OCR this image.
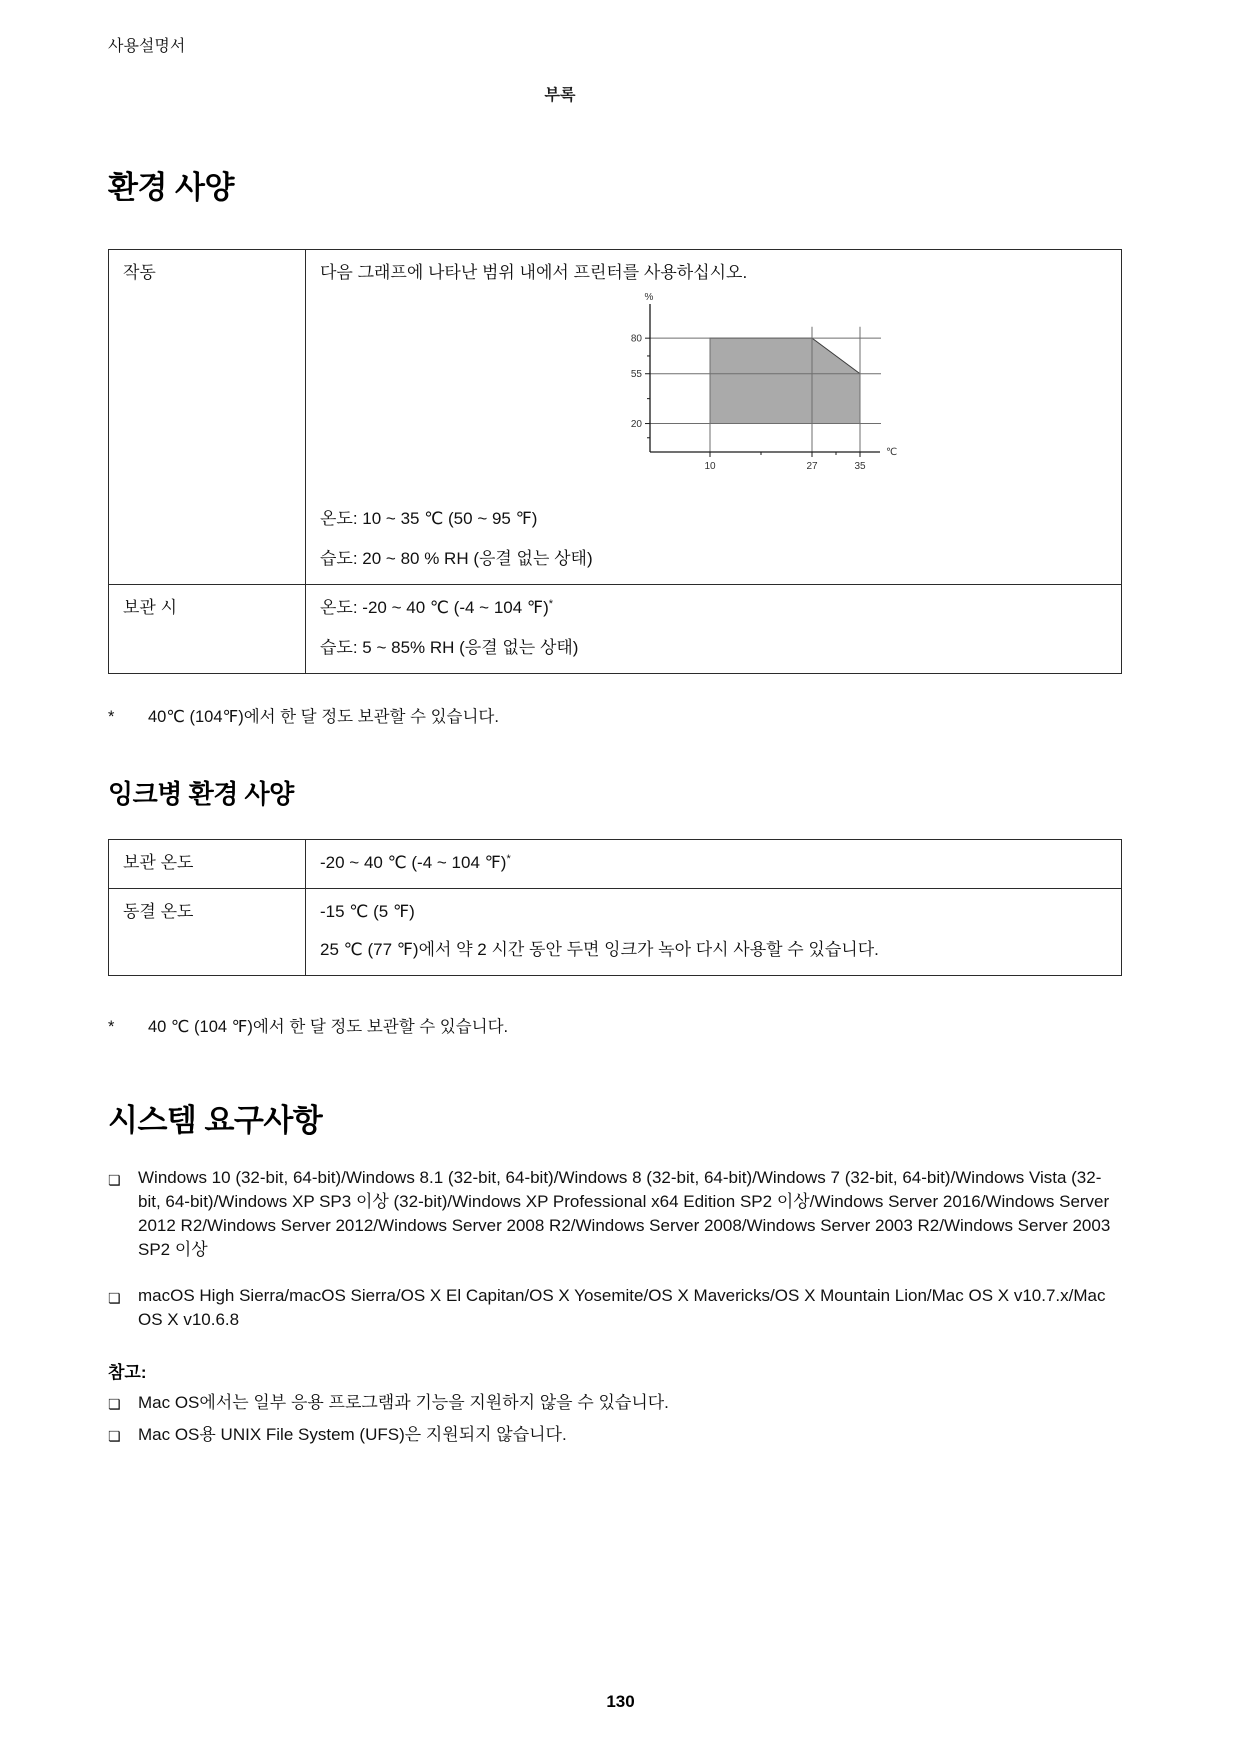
사용설명서
부록
환경 사양
작동	다음 그래프에 나타난 범위 내에서 프린터를 사용하십시오.

80
55
20
10	27	35
%
℃

온도: 10 ~ 35 ℃ (50 ~ 95 ℉)

습도: 20 ~ 80 % RH (응결 없는 상태)

보관 시	온도: -20 ~ 40 ℃ (-4 ~ 104 ℉)*

습도: 5 ~ 85% RH (응결 없는 상태)

*	40℃ (104℉)에서 한 달 정도 보관할 수 있습니다.
잉크병 환경 사양
보관 온도	-20 ~ 40 ℃ (-4 ~ 104 ℉)*

동결 온도	-15 ℃ (5 ℉)

25 ℃ (77 ℉)에서 약 2 시간 동안 두면 잉크가 녹아 다시 사용할 수 있습니다.

*	40 ℃ (104 ℉)에서 한 달 정도 보관할 수 있습니다.
시스템 요구사항
❏	Windows 10 (32-bit, 64-bit)/Windows 8.1 (32-bit, 64-bit)/Windows 8 (32-bit, 64-bit)/Windows 7 (32-bit, 64-bit)/Windows Vista (32-bit, 64-bit)/Windows XP SP3 이상 (32-bit)/Windows XP Professional x64 Edition SP2 이상/Windows Server 2016/Windows Server 2012 R2/Windows Server 2012/Windows Server 2008 R2/Windows Server 2008/Windows Server 2003 R2/Windows Server 2003 SP2 이상
❏	macOS High Sierra/macOS Sierra/OS X El Capitan/OS X Yosemite/OS X Mavericks/OS X Mountain Lion/Mac OS X v10.7.x/Mac OS X v10.6.8
참고:
❏	Mac OS에서는 일부 응용 프로그램과 기능을 지원하지 않을 수 있습니다.
❏	Mac OS용 UNIX File System (UFS)은 지원되지 않습니다.
130
